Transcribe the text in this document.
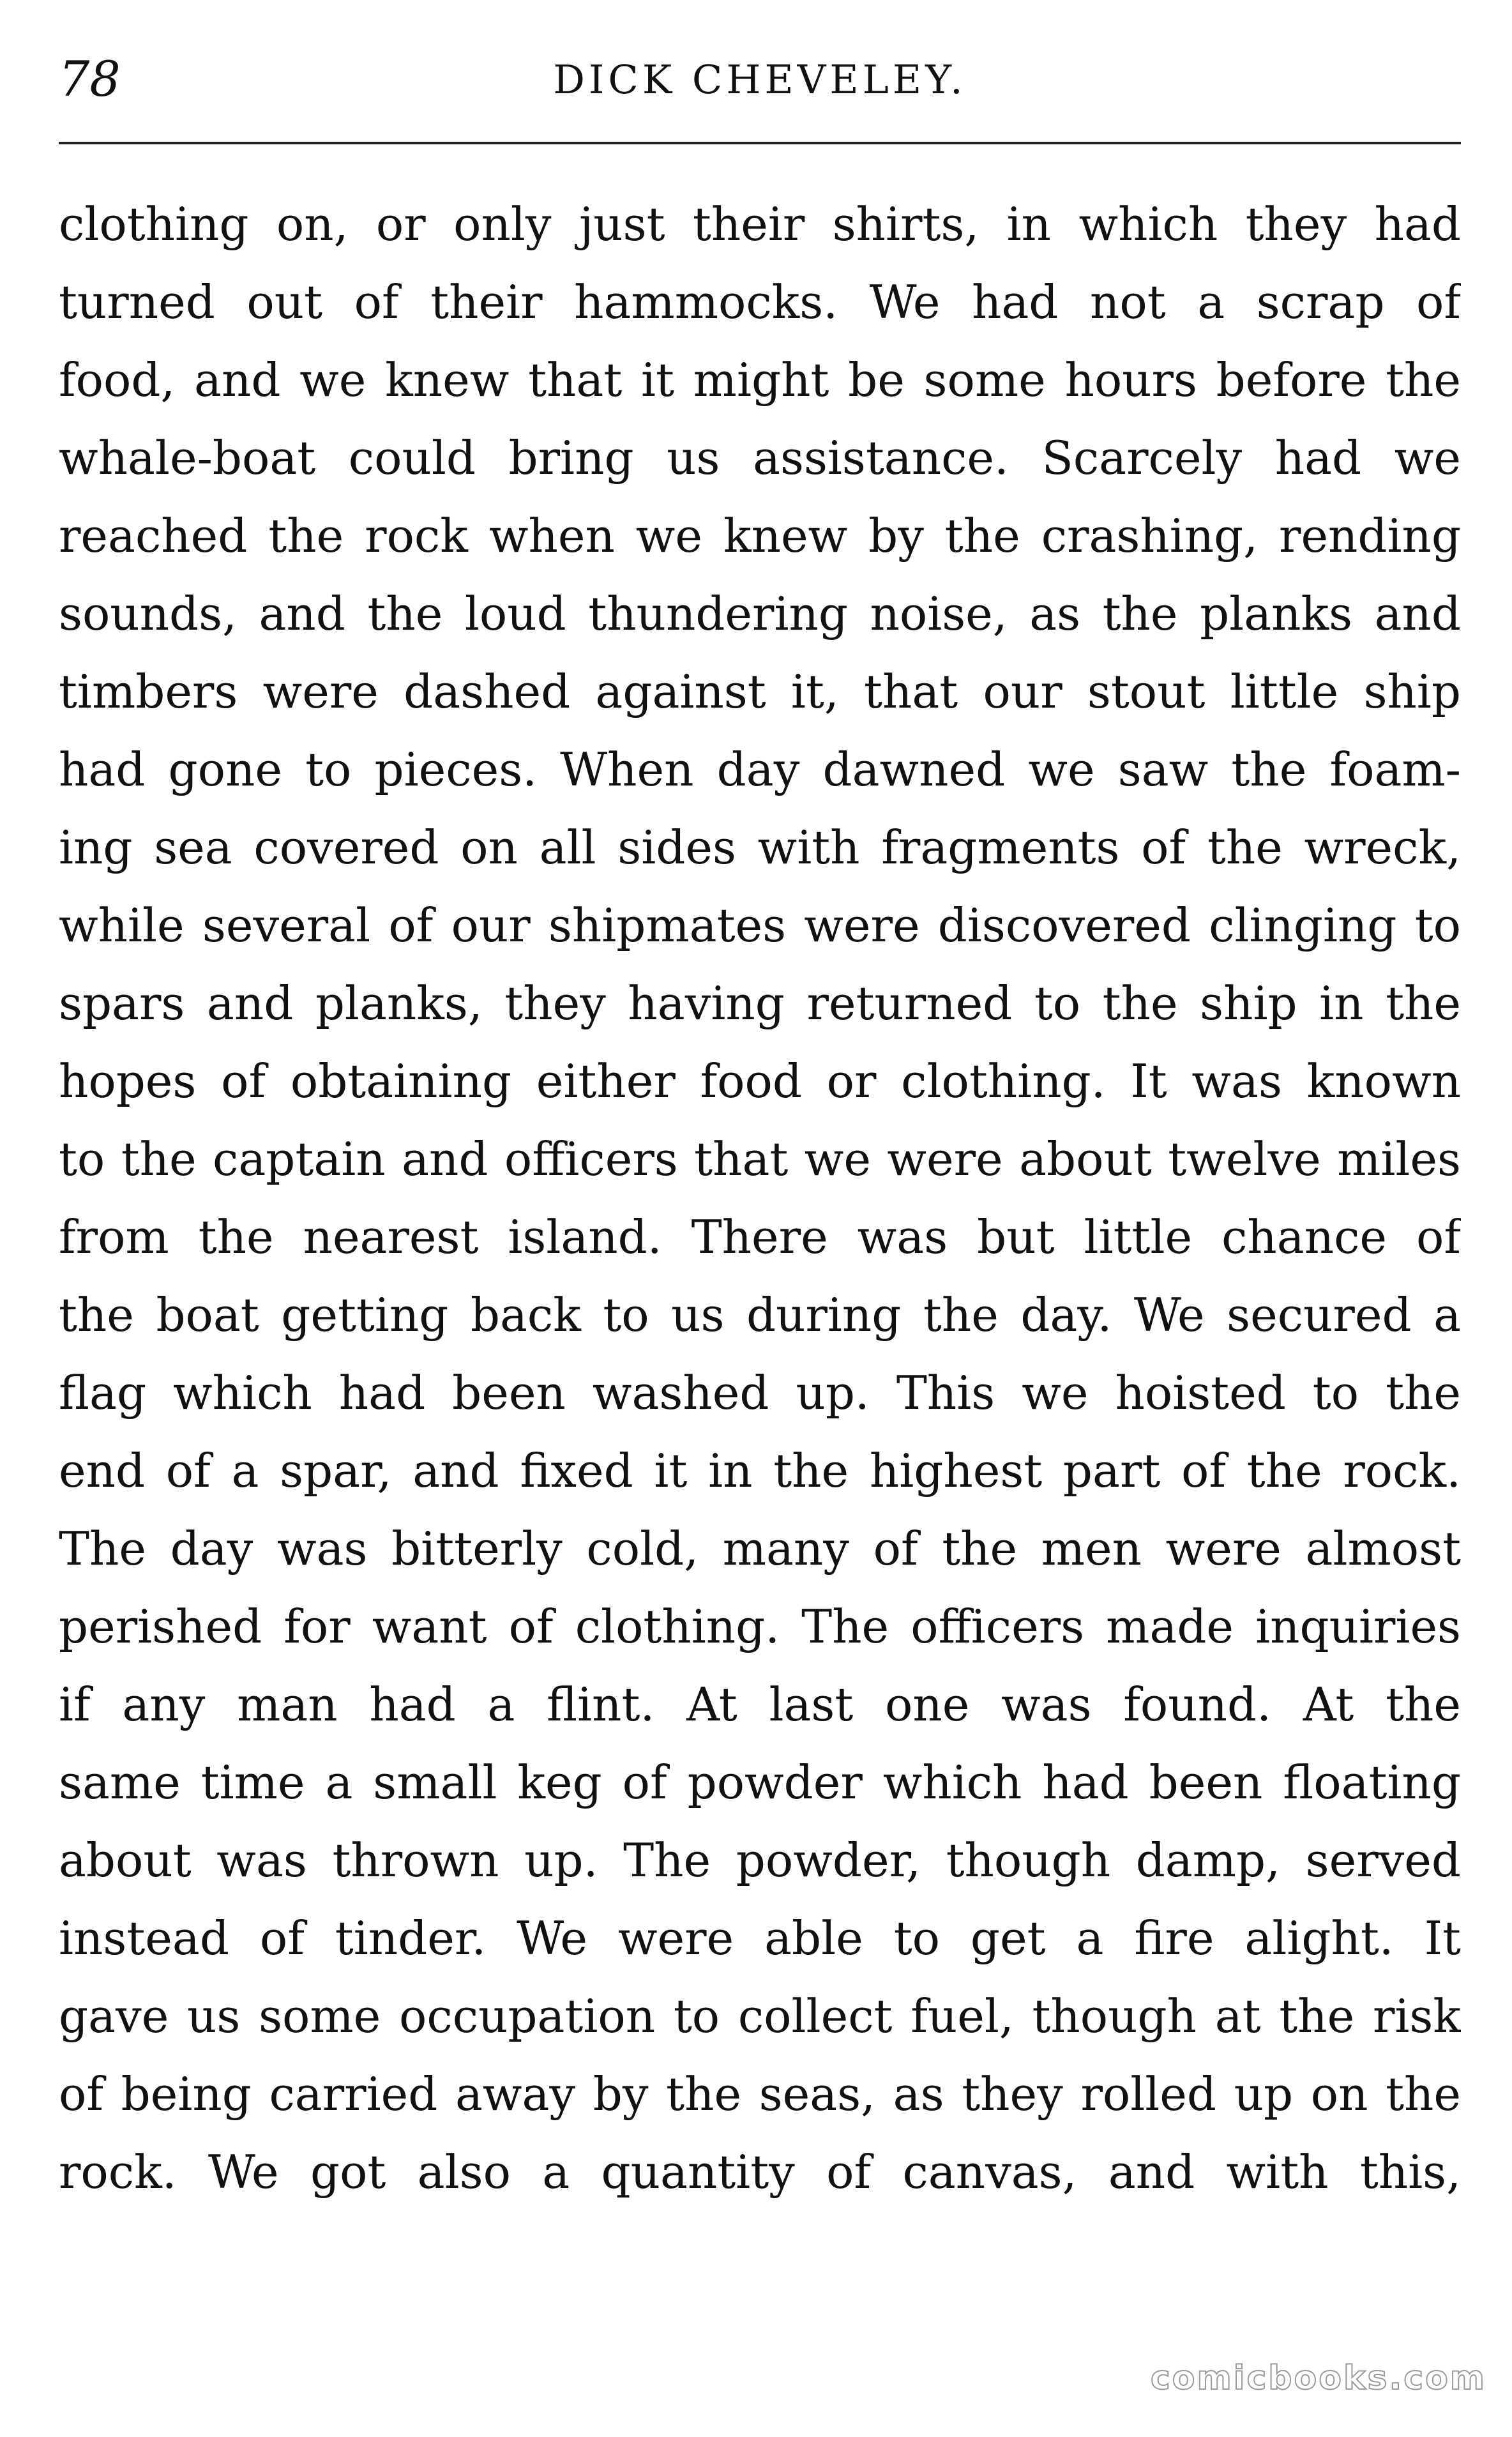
78	DICK CHEVELEY.
clothing on, or only just their shirts, in which they had
turned out of their hammocks. We had not a scrap of
food, and we knew that it might be some hours before the
whale-boat could bring us assistance. Scarcely had we
reached the rock when we knew by the crashing, rending
sounds, and the loud thundering noise, as the planks and
timbers were dashed against it, that our stout little ship
had gone to pieces. When day dawned we saw the foam-
ing sea covered on all sides with fragments of the wreck,
while several of our shipmates were discovered clinging to
spars and planks, they having returned to the ship in the
hopes of obtaining either food or clothing. It was known
to the captain and officers that we were about twelve miles
from the nearest island. There was but little chance of
the boat getting back to us during the day. We secured a
flag which had been washed up. This we hoisted to the
end of a spar, and fixed it in the highest part of the rock.
The day was bitterly cold, many of the men were almost
perished for want of clothing. The officers made inquiries
if any man had a flint. At last one was found. At the
same time a small keg of powder which had been floating
about was thrown up. The powder, though damp, served
instead of tinder. We were able to get a fire alight. It
gave us some occupation to collect fuel, though at the risk
of being carried away by the seas, as they rolled up on the
rock. We got also a quantity of canvas, and with this,
comicbooks.com
